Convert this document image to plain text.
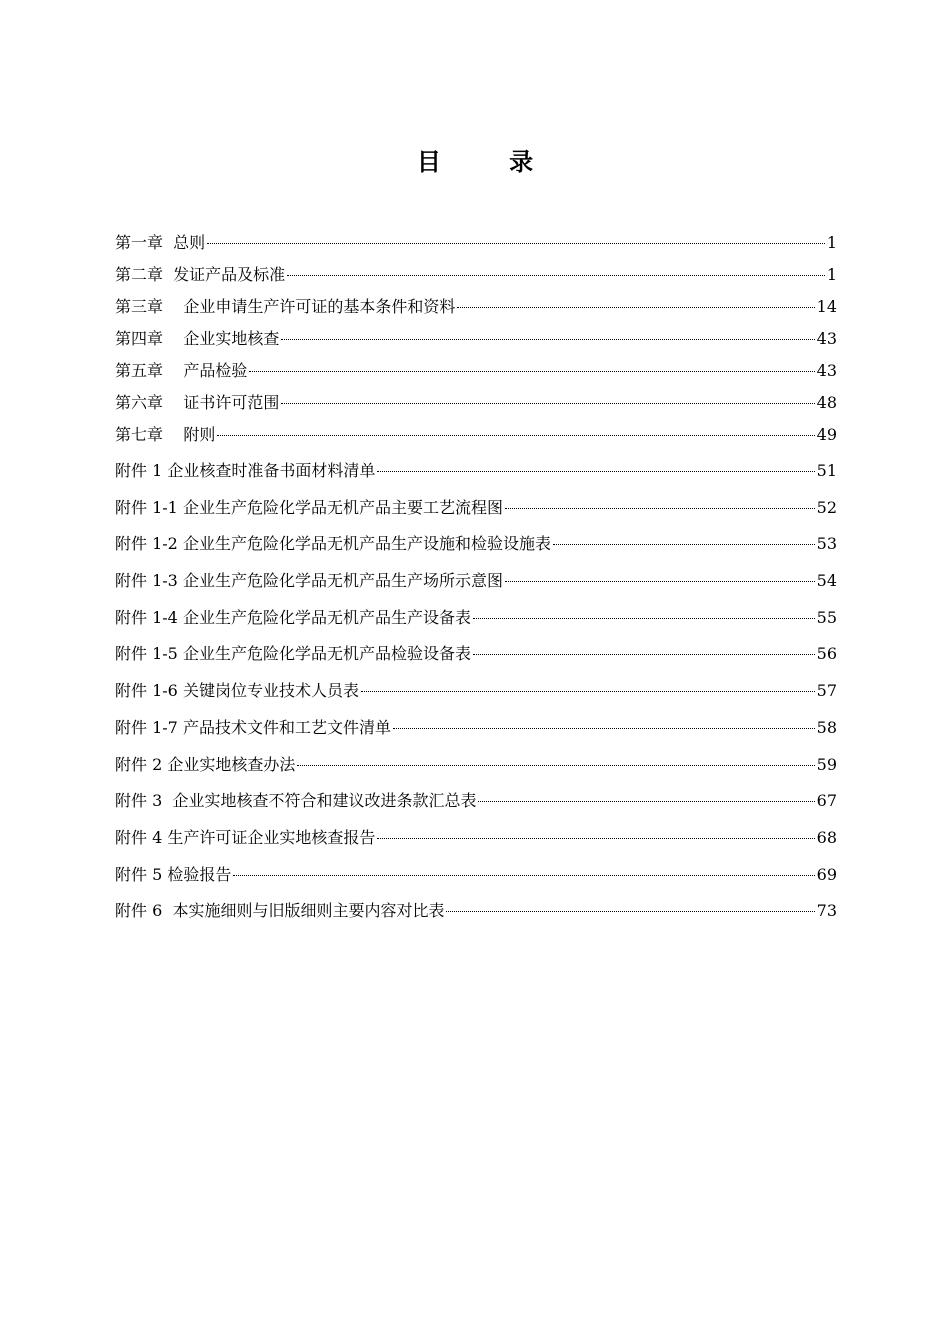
目 录
第一章  总则	1
第二章  发证产品及标准	1
第三章    企业申请生产许可证的基本条件和资料	14
第四章    企业实地核查	43
第五章    产品检验	43
第六章    证书许可范围	48
第七章    附则	49
附件 1 企业核查时准备书面材料清单	51
附件 1-1 企业生产危险化学品无机产品主要工艺流程图	52
附件 1-2 企业生产危险化学品无机产品生产设施和检验设施表	53
附件 1-3 企业生产危险化学品无机产品生产场所示意图	54
附件 1-4 企业生产危险化学品无机产品生产设备表	55
附件 1-5 企业生产危险化学品无机产品检验设备表	56
附件 1-6 关键岗位专业技术人员表	57
附件 1-7 产品技术文件和工艺文件清单	58
附件 2 企业实地核查办法	59
附件 3  企业实地核查不符合和建议改进条款汇总表	67
附件 4 生产许可证企业实地核查报告	68
附件 5 检验报告	69
附件 6  本实施细则与旧版细则主要内容对比表	73
